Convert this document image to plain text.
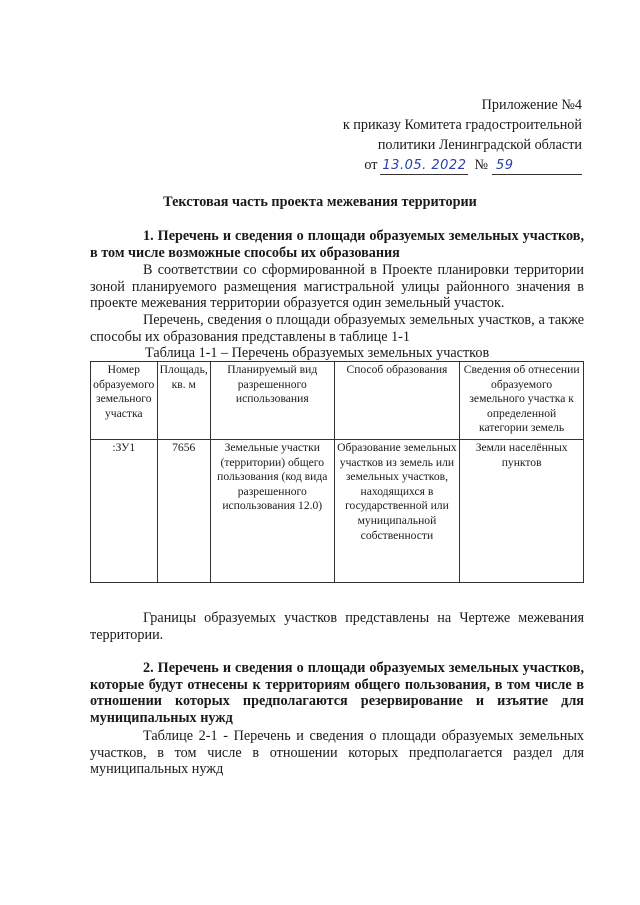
Приложение №4
к приказу Комитета градостроительной
политики Ленинградской области
от 13.05. 2022 № 59
Текстовая часть проекта межевания территории
1. Перечень и сведения о площади образуемых земельных участков, в том числе возможные способы их образования
В соответствии со сформированной в Проекте планировки территории зоной планируемого размещения магистральной улицы районного значения в проекте межевания территории образуется один земельный участок.
Перечень, сведения о площади образуемых земельных участков, а также способы их образования представлены в таблице 1-1
Таблица 1-1 – Перечень образуемых земельных участков
Номер образуемого земельного участка	Площадь, кв. м	Планируемый вид разрешенного использования	Способ образования	Сведения об отнесении образуемого земельного участка к определенной категории земель
:ЗУ1	7656	Земельные участки (территории) общего пользования (код вида разрешенного использования 12.0)	Образование земельных участков из земель или земельных участков, находящихся в государственной или муниципальной собственности	Земли населённых пунктов
Границы образуемых участков представлены на Чертеже межевания территории.
2. Перечень и сведения о площади образуемых земельных участков, которые будут отнесены к территориям общего пользования, в том числе в отношении которых предполагаются резервирование и изъятие для муниципальных нужд
Таблице 2-1 - Перечень и сведения о площади образуемых земельных участков, в том числе в отношении которых предполагается раздел для муниципальных нужд
